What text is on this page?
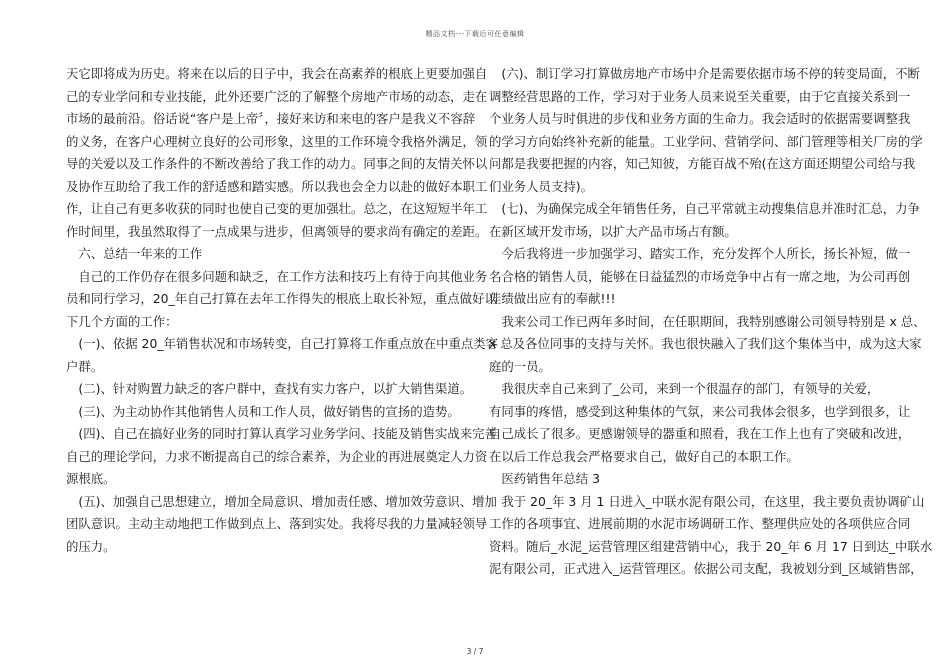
精品文档---下载后可任意编辑
天它即将成为历史。将来在以后的日子中，我会在高素养的根底上更要加强自
己的专业学问和专业技能，此外还要广泛的了解整个房地产市场的动态，走在
市场的最前沿。俗话说“客户是上帝〞，接好来访和来电的客户是我义不容辞
的义务，在客户心理树立良好的公司形象，这里的工作环境令我格外满足，领
导的关爱以及工作条件的不断改善给了我工作的动力。同事之间的友情关怀以
及协作互助给了我工作的舒适感和踏实感。所以我也会全力以赴的做好本职工
作，让自己有更多收获的同时也使自己变的更加强壮。总之，在这短短半年工
作时间里，我虽然取得了一点成果与进步，但离领导的要求尚有确定的差距。
　六、总结一年来的工作
　自己的工作仍存在很多问题和缺乏，在工作方法和技巧上有待于向其他业务
员和同行学习，20_年自己打算在去年工作得失的根底上取长补短，重点做好以
下几个方面的工作：
　(一)、依据 20_年销售状况和市场转变，自己打算将工作重点放在中重点类客
户群。
　(二)、针对购置力缺乏的客户群中，查找有实力客户，以扩大销售渠道。
　(三)、为主动协作其他销售人员和工作人员，做好销售的宣扬的造势。
　(四)、自己在搞好业务的同时打算认真学习业务学问、技能及销售实战来完善
自己的理论学问，力求不断提高自己的综合素养，为企业的再进展奠定人力资
源根底。
　(五)、加强自己思想建立，增加全局意识、增加责任感、增加效劳意识、增加
团队意识。主动主动地把工作做到点上、落到实处。我将尽我的力量减轻领导
的压力。
　(六)、制订学习打算做房地产市场中介是需要依据市场不停的转变局面，不断
调整经营思路的工作，学习对于业务人员来说至关重要，由于它直接关系到一
个业务人员与时俱进的步伐和业务方面的生命力。我会适时的依据需要调整我
的学习方向始终补充新的能量。工业学问、营销学问、部门管理等相关厂房的学
问都是我要把握的内容，知己知彼，方能百战不殆(在这方面还期望公司给与我
们业务人员支持)。
　(七)、为确保完成全年销售任务，自己平常就主动搜集信息并准时汇总，力争
在新区域开发市场，以扩大产品市场占有额。
　今后我将进一步加强学习、踏实工作，充分发挥个人所长，扬长补短，做一
名合格的销售人员，能够在日益猛烈的市场竞争中占有一席之地，为公司再创
佳绩做出应有的奉献!!!
　我来公司工作已两年多时间，在任职期间，我特别感谢公司领导特别是 x 总、
x 总及各位同事的支持与关怀。我也很快融入了我们这个集体当中，成为这大家
庭的一员。
　我很庆幸自己来到了_公司，来到一个很温存的部门，有领导的关爱，
有同事的疼惜，感受到这种集体的气氛，来公司我体会很多，也学到很多，让
自己成长了很多。更感谢领导的器重和照看，我在工作上也有了突破和改进，
在以后工作总我会严格要求自己，做好自己的本职工作。
　医药销售年总结 3
　我于 20_年 3 月 1 日进入_中联水泥有限公司，在这里，我主要负责协调矿山
工作的各项事宜、进展前期的水泥市场调研工作、整理供应处的各项供应合同
资料。随后_水泥_运营管理区组建营销中心，我于 20_年 6 月 17 日到达_中联水
泥有限公司，正式进入_运营管理区。依据公司支配，我被划分到_区域销售部，
3 / 7
